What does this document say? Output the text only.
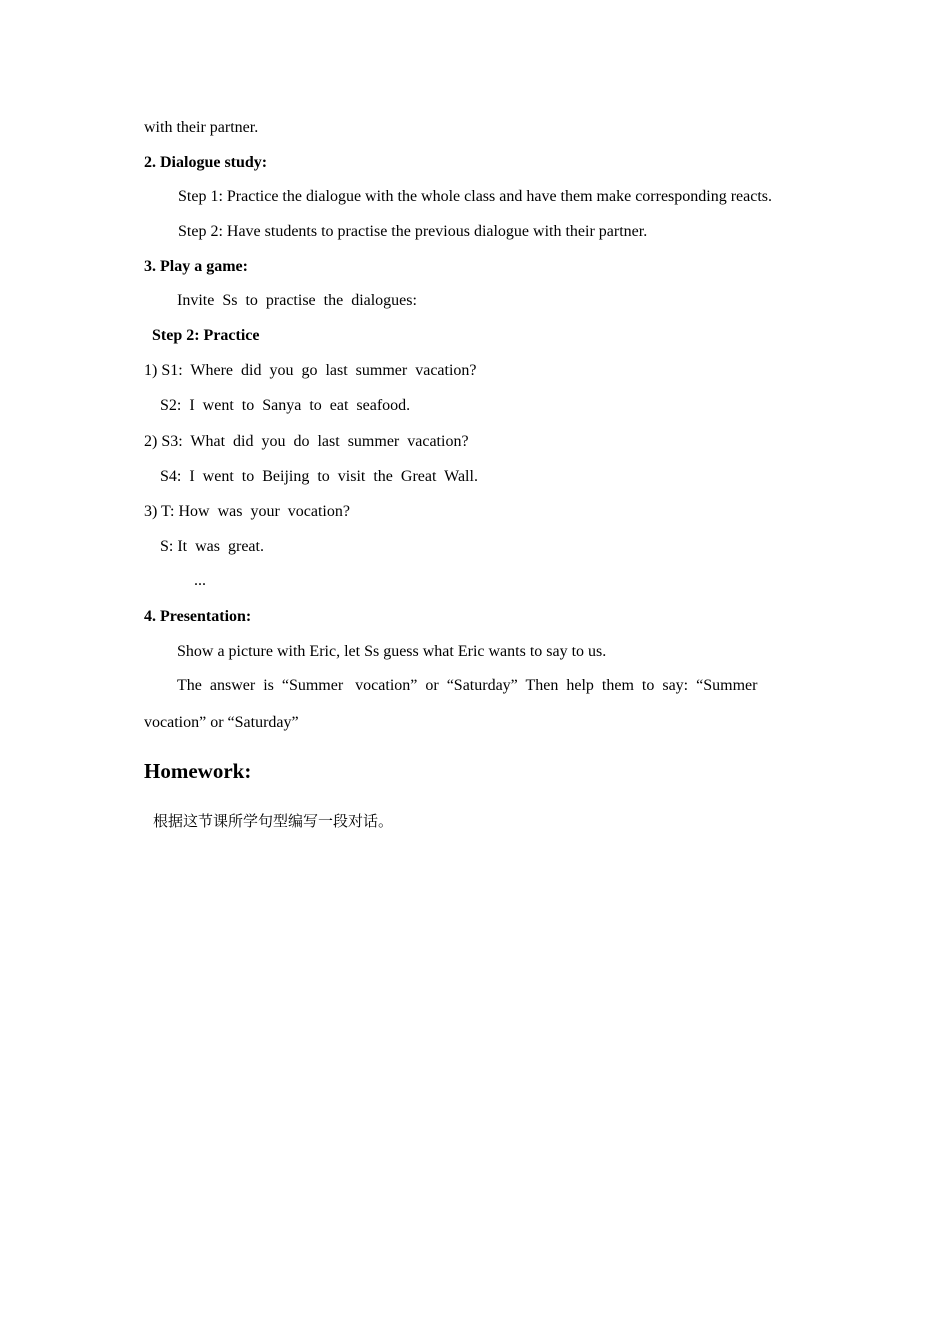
with their partner.
2. Dialogue study:
Step 1: Practice the dialogue with the whole class and have them make corresponding reacts.
Step 2: Have students to practise the previous dialogue with their partner.
3. Play a game:
Invite  Ss  to  practise  the  dialogues:
Step 2: Practice
1) S1:  Where  did  you  go  last  summer  vacation?
S2:  I  went  to  Sanya  to  eat  seafood.
2) S3:  What  did  you  do  last  summer  vacation?
S4:  I  went  to  Beijing  to  visit  the  Great  Wall.
3) T: How  was  your  vocation?
S: It  was  great.
...
4. Presentation:
Show a picture with Eric, let Ss guess what Eric wants to say to us.
The  answer  is  “Summer   vocation”  or  “Saturday”  Then  help  them  to  say:  “Summer
vocation” or “Saturday”
Homework:
根据这节课所学句型编写一段对话。
